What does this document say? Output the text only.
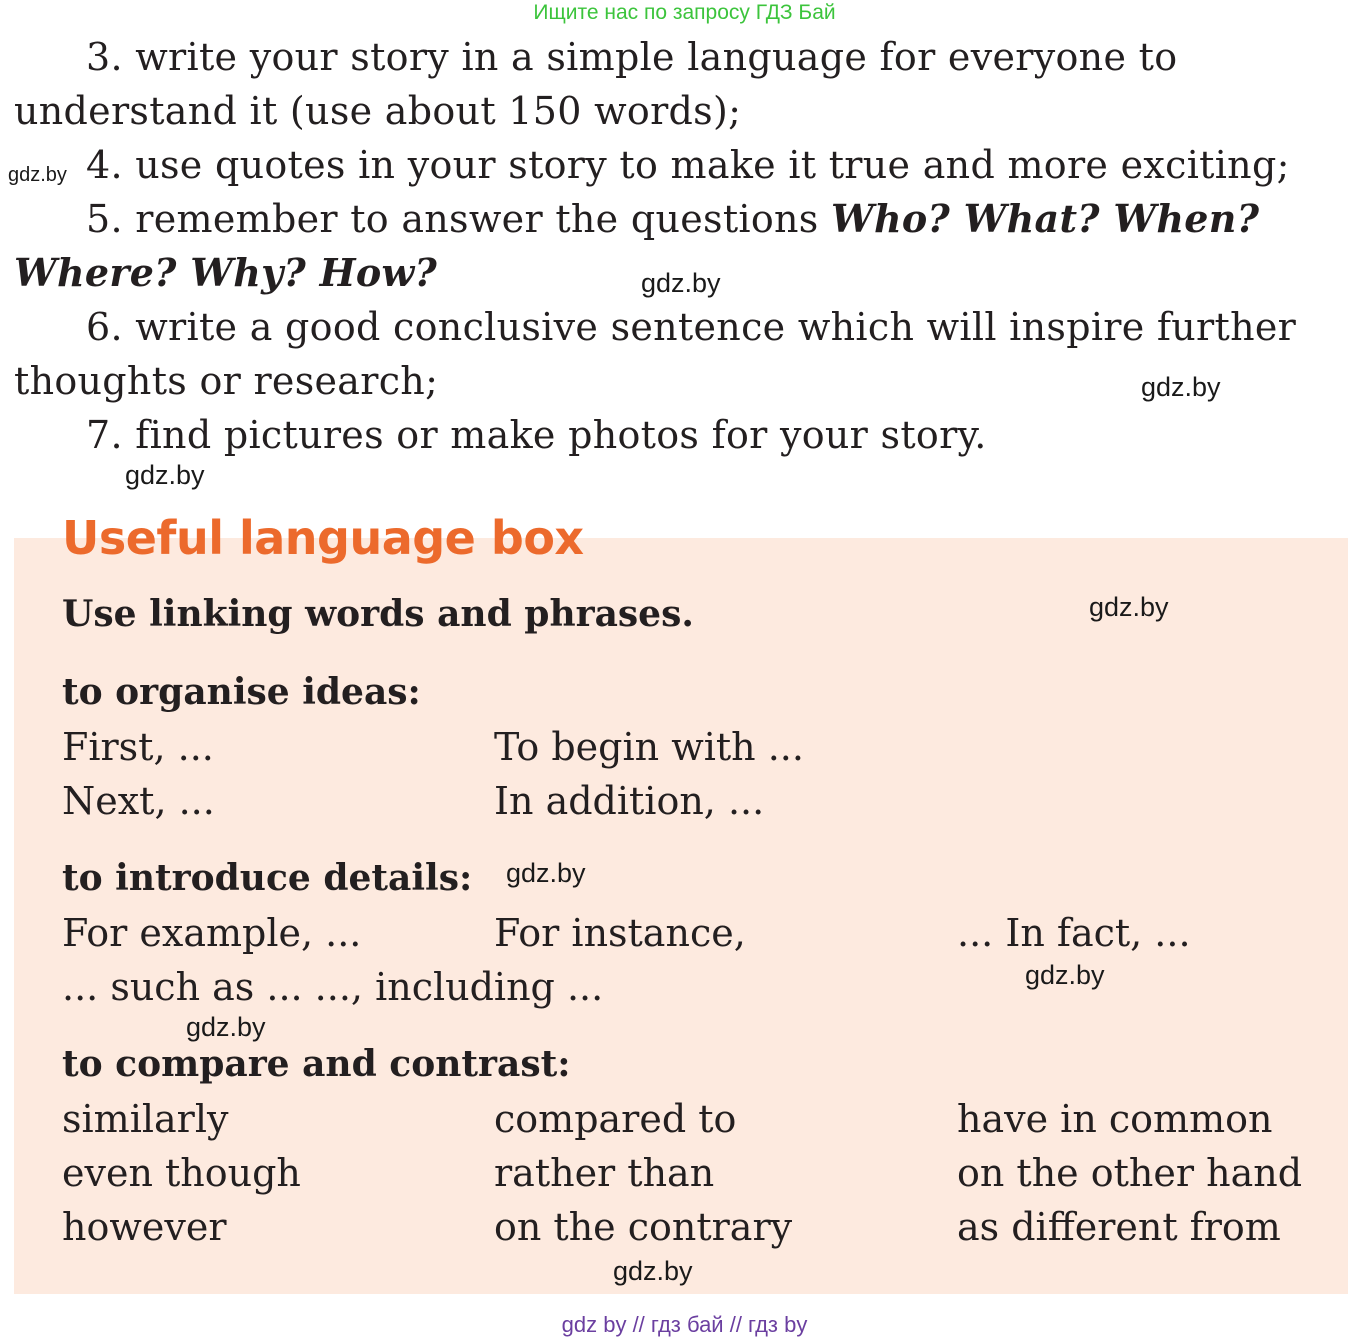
Ищите нас по запросу ГДЗ Бай
3. write your story in a simple language for everyone to
understand it (use about 150 words);
gdz.by 4. use quotes in your story to make it true and more exciting;
5. remember to answer the questions Who? What? When?
Where? Why? How?	gdz.by
6. write a good conclusive sentence which will inspire further
thoughts or research;	gdz.by
7. find pictures or make photos for your story.
gdz.by
Useful language box
Use linking words and phrases.	gdz.by
to organise ideas:
First, ...	To begin with ...
Next, ...	In addition, ...
to introduce details: gdz.by
For example, ...	For instance,	... In fact, ...
... such as ... ..., including ...	gdz.by
gdz.by
to compare and contrast:
similarly	compared to	have in common
even though	rather than	on the other hand
however	on the contrary	as different from
gdz.by
gdz by // гдз бай // гдз by
